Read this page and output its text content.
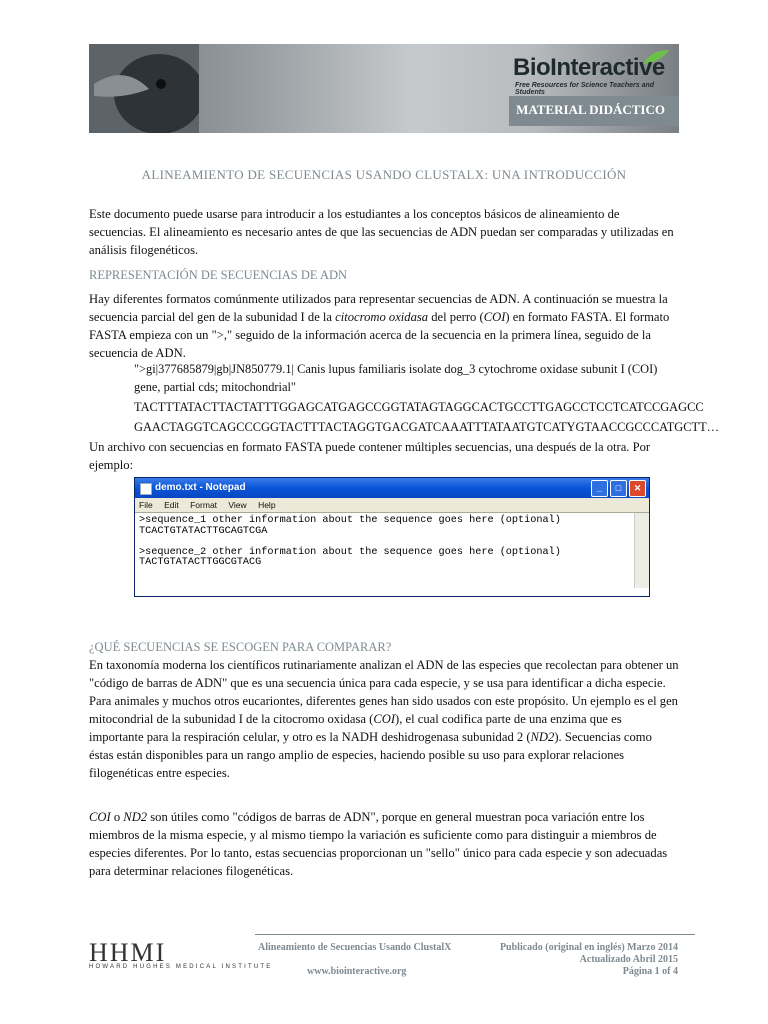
BioInteractive
Free Resources for Science Teachers and Students
MATERIAL DIDÁCTICO
ALINEAMIENTO DE SECUENCIAS USANDO CLUSTALX: UNA INTRODUCCIÓN
Este documento puede usarse para introducir a los estudiantes a los conceptos básicos de alineamiento de secuencias. El alineamiento es necesario antes de que las secuencias de ADN puedan ser comparadas y utilizadas en análisis filogenéticos.
REPRESENTACIÓN DE SECUENCIAS DE ADN
Hay diferentes formatos comúnmente utilizados para representar secuencias de ADN. A continuación se muestra la secuencia parcial del gen de la subunidad I de la citocromo oxidasa del perro (COI) en formato FASTA. El formato FASTA empieza con un ">," seguido de la información acerca de la secuencia en la primera línea, seguido de la secuencia de ADN.
">gi|377685879|gb|JN850779.1| Canis lupus familiaris isolate dog_3 cytochrome oxidase subunit I (COI) gene, partial cds; mitochondrial"
TACTTTATACTTACTATTTGGAGCATGAGCCGGTATAGTAGGCACTGCCTTGAGCCTCCTCATCCGAGCC
GAACTAGGTCAGCCCGGTACTTTACTAGGTGACGATCAAATTTATAATGTCATYGTAACCGCCCATGCTT…
Un archivo con secuencias en formato FASTA puede contener múltiples secuencias, una después de la otra. Por ejemplo:
demo.txt - Notepad	_	□	✕
File Edit Format View Help
>sequence_1 other information about the sequence goes here (optional)
TCACTGTATACTTGCAGTCGA

>sequence_2 other information about the sequence goes here (optional)
TACTGTATACTTGGCGTACG
¿QUÉ SECUENCIAS SE ESCOGEN PARA COMPARAR?
En taxonomía moderna los científicos rutinariamente analizan el ADN de las especies que recolectan para obtener un "código de barras de ADN" que es una secuencia única para cada especie, y se usa para identificar a dicha especie. Para animales y muchos otros eucariontes, diferentes genes han sido usados con este propósito. Un ejemplo es el gen mitocondrial de la subunidad I de la citocromo oxidasa (COI), el cual codifica parte de una enzima que es importante para la respiración celular, y otro es la NADH deshidrogenasa subunidad 2 (ND2). Secuencias como éstas están disponibles para un rango amplio de especies, haciendo posible su uso para explorar relaciones filogenéticas entre especies.
COI o ND2 son útiles como "códigos de barras de ADN", porque en general muestran poca variación entre los miembros de la misma especie, y al mismo tiempo la variación es suficiente como para distinguir a miembros de especies diferentes. Por lo tanto, estas secuencias proporcionan un "sello" único para cada especie y son adecuadas para determinar relaciones filogenéticas.
HHMI
HOWARD HUGHES MEDICAL INSTITUTE
Alineamiento de Secuencias Usando ClustalX
www.biointeractive.org
Publicado (original en inglés) Marzo 2014
Actualizado Abril 2015
Página 1 of 4
